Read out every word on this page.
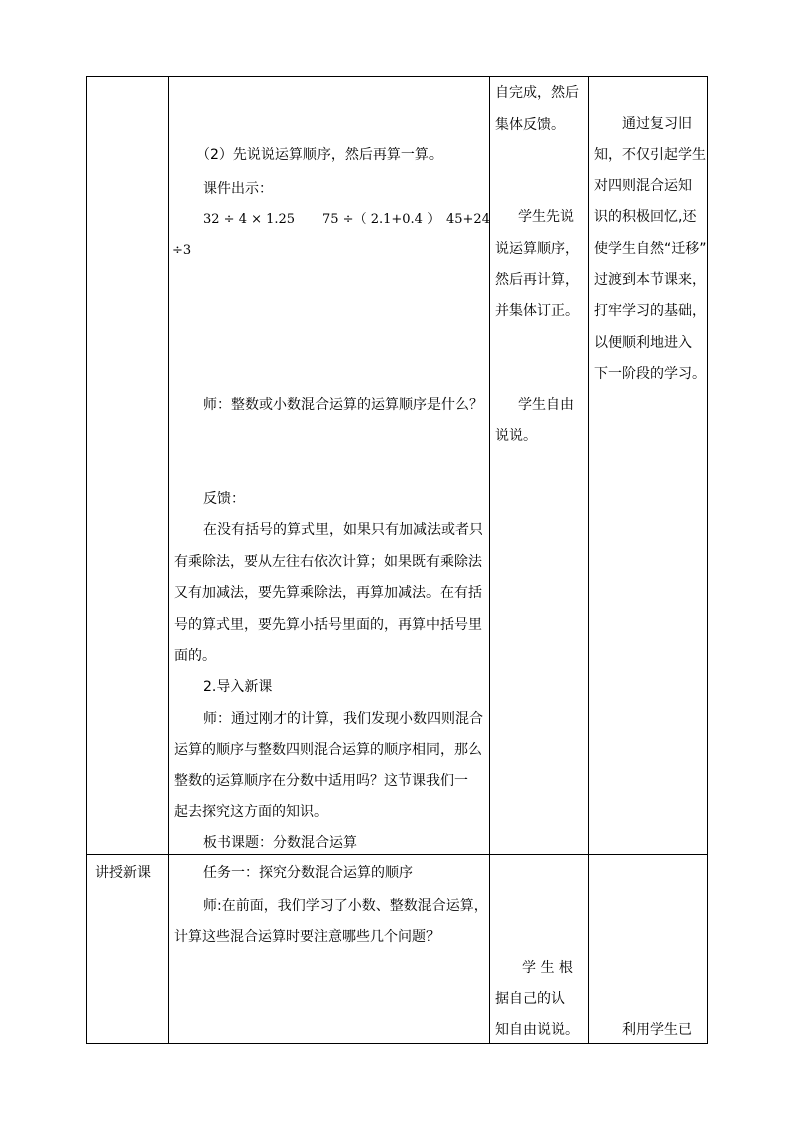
讲授新课
（2）先说说运算顺序，然后再算一算。
课件出示：
32 ÷ 4 × 1.25 75 ÷（ 2.1+0.4 ） 45+24
÷3
师：整数或小数混合运算的运算顺序是什么？
反馈：
在没有括号的算式里，如果只有加减法或者只
有乘除法，要从左往右依次计算；如果既有乘除法
又有加减法，要先算乘除法，再算加减法。在有括
号的算式里，要先算小括号里面的，再算中括号里
面的。
2.导入新课
师：通过刚才的计算，我们发现小数四则混合
运算的顺序与整数四则混合运算的顺序相同，那么
整数的运算顺序在分数中适用吗？这节课我们一
起去探究这方面的知识。
板书课题：分数混合运算
任务一：探究分数混合运算的顺序
师:在前面，我们学习了小数、整数混合运算，
计算这些混合运算时要注意哪些几个问题？
自完成，然后
集体反馈。
学生先说
说运算顺序，
然后再计算，
并集体订正。
学生自由
说说。
学 生 根
据自己的认
知自由说说。
通过复习旧
知，不仅引起学生
对四则混合运知
识的积极回忆,还
使学生自然“迁移”
过渡到本节课来，
打牢学习的基础，
以便顺利地进入
下一阶段的学习。
利用学生已
